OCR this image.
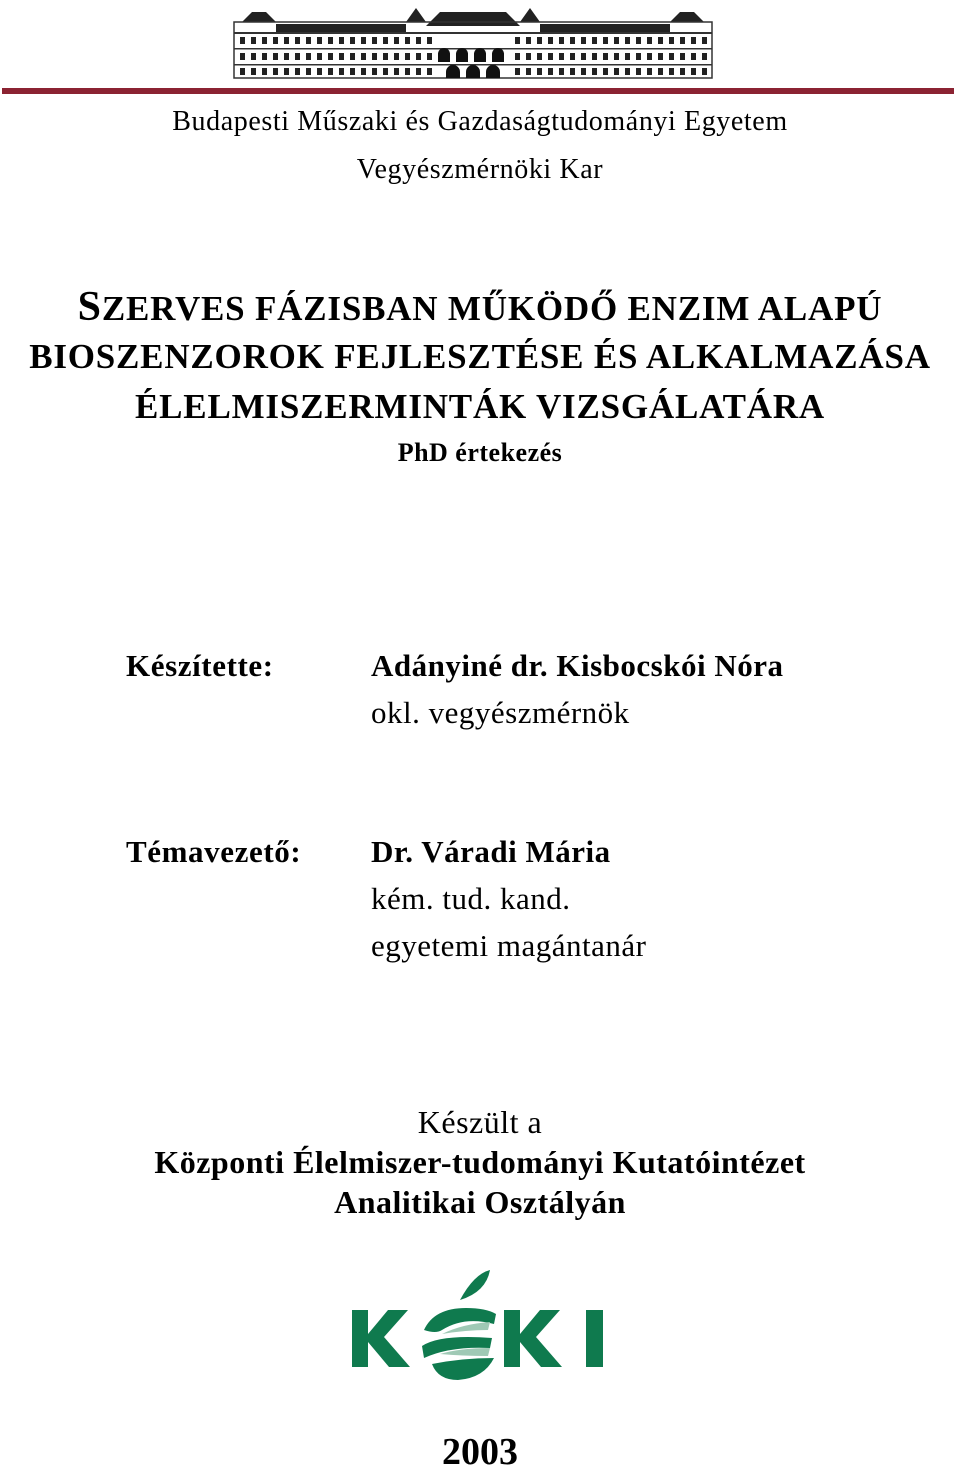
Budapesti Műszaki és Gazdaságtudományi Egyetem
Vegyészmérnöki Kar
SZERVES FÁZISBAN MŰKÖDŐ ENZIM ALAPÚ
BIOSZENZOROK FEJLESZTÉSE ÉS ALKALMAZÁSA
ÉLELMISZERMINTÁK VIZSGÁLATÁRA
PhD értekezés
Készítette:	Adányiné dr. Kisbocskói Nóra
okl. vegyészmérnök
Témavezető: Dr. Váradi Mária
kém. tud. kand.
egyetemi magántanár
Készült a
Központi Élelmiszer-tudományi Kutatóintézet
Analitikai Osztályán
2003
